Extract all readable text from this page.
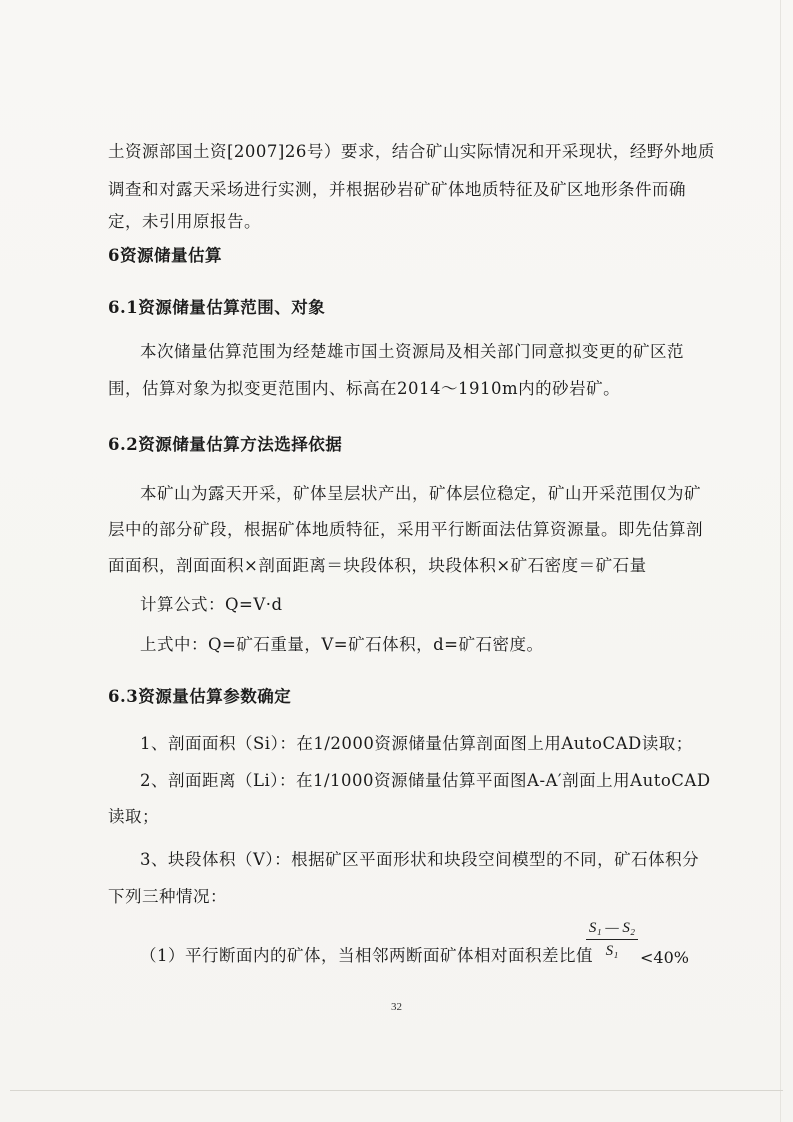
土资源部国土资[2007]26号）要求，结合矿山实际情况和开采现状，经野外地质
调查和对露天采场进行实测，并根据砂岩矿矿体地质特征及矿区地形条件而确
定，未引用原报告。
6资源储量估算
6.1资源储量估算范围、对象
本次储量估算范围为经楚雄市国土资源局及相关部门同意拟变更的矿区范
围，估算对象为拟变更范围内、标高在2014～1910m内的砂岩矿。
6.2资源储量估算方法选择依据
本矿山为露天开采，矿体呈层状产出，矿体层位稳定，矿山开采范围仅为矿
层中的部分矿段，根据矿体地质特征，采用平行断面法估算资源量。即先估算剖
面面积，剖面面积×剖面距离＝块段体积，块段体积×矿石密度＝矿石量
计算公式：Q=V·d
上式中：Q=矿石重量，V=矿石体积，d=矿石密度。
6.3资源量估算参数确定
1、剖面面积（Si）：在1/2000资源储量估算剖面图上用AutoCAD读取；
2、剖面距离（Li）：在1/1000资源储量估算平面图A-A′剖面上用AutoCAD
读取；
3、块段体积（V）：根据矿区平面形状和块段空间模型的不同，矿石体积分
下列三种情况：
（1）平行断面内的矿体，当相邻两断面矿体相对面积差比值
$\frac{\text{S₁ — S₂}}{\text{S₁}} <40\%$
32
